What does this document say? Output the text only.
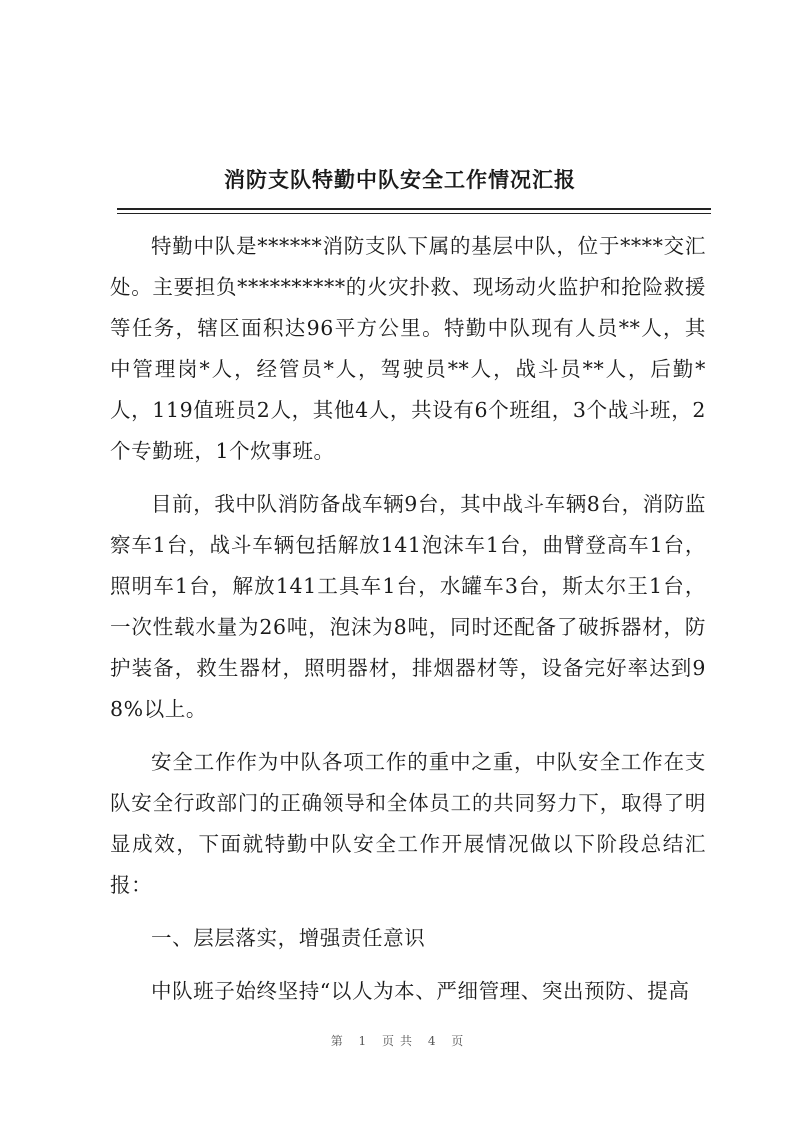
消防支队特勤中队安全工作情况汇报

特勤中队是******消防支队下属的基层中队，位于****交汇处。主要担负**********的火灾扑救、现场动火监护和抢险救援等任务，辖区面积达96平方公里。特勤中队现有人员**人，其中管理岗*人，经管员*人，驾驶员**人，战斗员**人，后勤*人，119值班员2人，其他4人，共设有6个班组，3个战斗班，2个专勤班，1个炊事班。

目前，我中队消防备战车辆9台，其中战斗车辆8台，消防监察车1台，战斗车辆包括解放141泡沫车1台，曲臂登高车1台，照明车1台，解放141工具车1台，水罐车3台，斯太尔王1台，一次性载水量为26吨，泡沫为8吨，同时还配备了破拆器材，防护装备，救生器材，照明器材，排烟器材等，设备完好率达到98%以上。

安全工作作为中队各项工作的重中之重，中队安全工作在支队安全行政部门的正确领导和全体员工的共同努力下，取得了明显成效，下面就特勤中队安全工作开展情况做以下阶段总结汇报：

一、层层落实，增强责任意识

中队班子始终坚持“以人为本、严细管理、突出预防、提高

第 1 页共 4 页
